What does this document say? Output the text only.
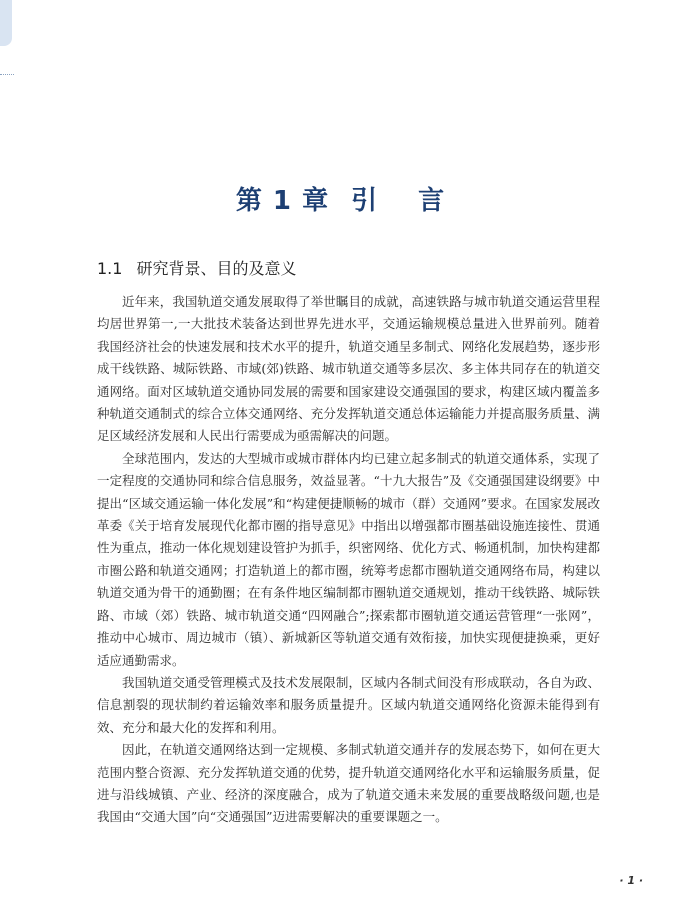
第 1 章 引 言
1.1 研究背景、目的及意义

近年来，我国轨道交通发展取得了举世瞩目的成就，高速铁路与城市轨道交通运营里程均居世界第一,一大批技术装备达到世界先进水平，交通运输规模总量进入世界前列。随着我国经济社会的快速发展和技术水平的提升，轨道交通呈多制式、网络化发展趋势，逐步形成干线铁路、城际铁路、市域(郊)铁路、城市轨道交通等多层次、多主体共同存在的轨道交通网络。面对区域轨道交通协同发展的需要和国家建设交通强国的要求，构建区域内覆盖多种轨道交通制式的综合立体交通网络、充分发挥轨道交通总体运输能力并提高服务质量、满足区域经济发展和人民出行需要成为亟需解决的问题。

全球范围内，发达的大型城市或城市群体内均已建立起多制式的轨道交通体系，实现了一定程度的交通协同和综合信息服务，效益显著。“十九大报告”及《交通强国建设纲要》中提出“区域交通运输一体化发展”和“构建便捷顺畅的城市（群）交通网”要求。在国家发展改革委《关于培育发展现代化都市圈的指导意见》中指出以增强都市圈基础设施连接性、贯通性为重点，推动一体化规划建设管护为抓手，织密网络、优化方式、畅通机制，加快构建都市圈公路和轨道交通网；打造轨道上的都市圈，统筹考虑都市圈轨道交通网络布局，构建以轨道交通为骨干的通勤圈；在有条件地区编制都市圈轨道交通规划，推动干线铁路、城际铁路、市域（郊）铁路、城市轨道交通“四网融合”;探索都市圈轨道交通运营管理“一张网”，推动中心城市、周边城市（镇）、新城新区等轨道交通有效衔接，加快实现便捷换乘，更好适应通勤需求。

我国轨道交通受管理模式及技术发展限制，区域内各制式间没有形成联动，各自为政、信息割裂的现状制约着运输效率和服务质量提升。区域内轨道交通网络化资源未能得到有效、充分和最大化的发挥和利用。

因此，在轨道交通网络达到一定规模、多制式轨道交通并存的发展态势下，如何在更大范围内整合资源、充分发挥轨道交通的优势，提升轨道交通网络化水平和运输服务质量，促进与沿线城镇、产业、经济的深度融合，成为了轨道交通未来发展的重要战略级问题,也是我国由“交通大国”向“交通强国”迈进需要解决的重要课题之一。

· 1 ·
